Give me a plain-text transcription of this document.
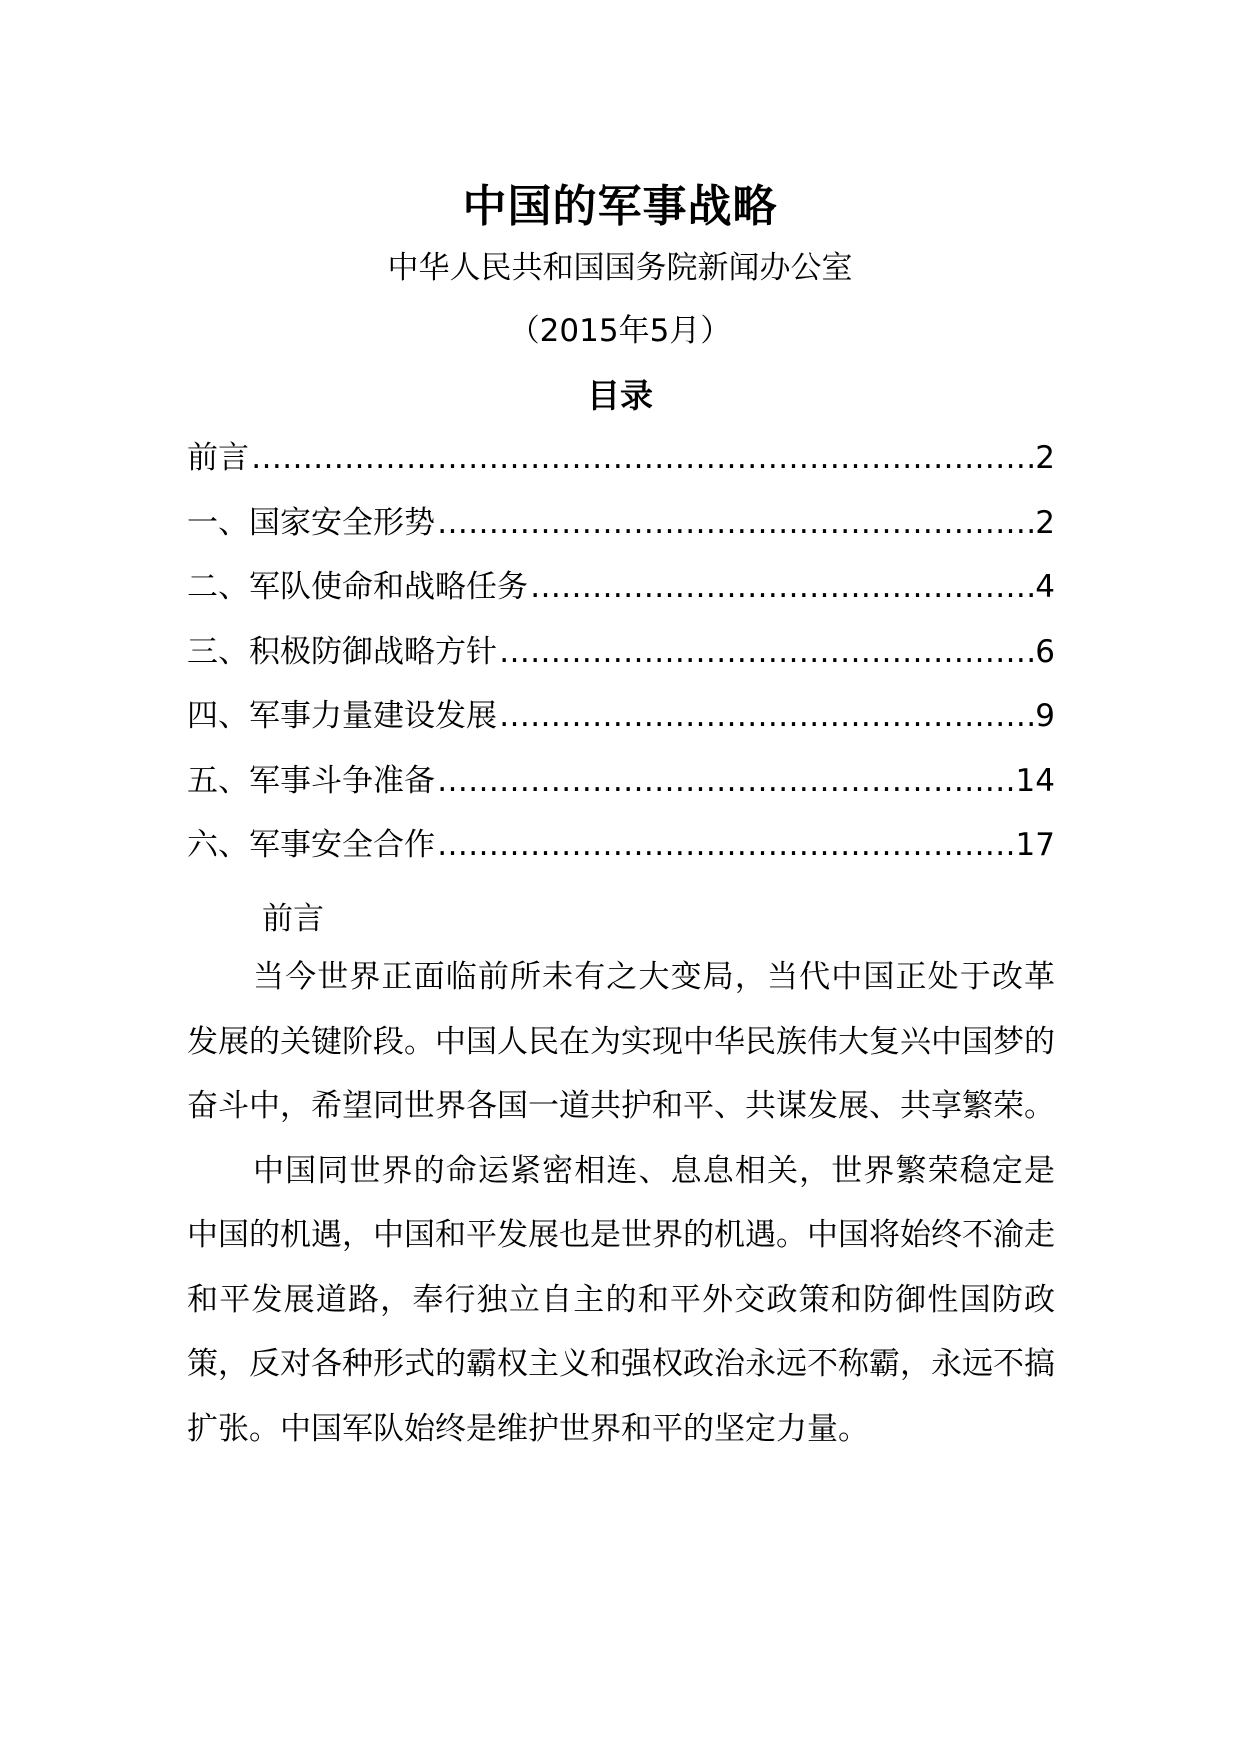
中国的军事战略
中华人民共和国国务院新闻办公室
（2015年5月）
目录
前言 ……………………………………………………………………………………………………………………………………………………………………………………	2
一、国家安全形势 ……………………………………………………………………………………………………………………………………………………………………………………	2
二、军队使命和战略任务 ……………………………………………………………………………………………………………………………………………………………………………………	4
三、积极防御战略方针 ……………………………………………………………………………………………………………………………………………………………………………………	6
四、军事力量建设发展 ……………………………………………………………………………………………………………………………………………………………………………………	9
五、军事斗争准备 ……………………………………………………………………………………………………………………………………………………………………………………	14
六、军事安全合作 ……………………………………………………………………………………………………………………………………………………………………………………	17
前言

当今世界正面临前所未有之大变局，当代中国正处于改革发展的关键阶段。中国人民在为实现中华民族伟大复兴中国梦的奋斗中，希望同世界各国一道共护和平、共谋发展、共享繁荣。

中国同世界的命运紧密相连、息息相关，世界繁荣稳定是中国的机遇，中国和平发展也是世界的机遇。中国将始终不渝走和平发展道路，奉行独立自主的和平外交政策和防御性国防政策，反对各种形式的霸权主义和强权政治永远不称霸，永远不搞扩张。中国军队始终是维护世界和平的坚定力量。
